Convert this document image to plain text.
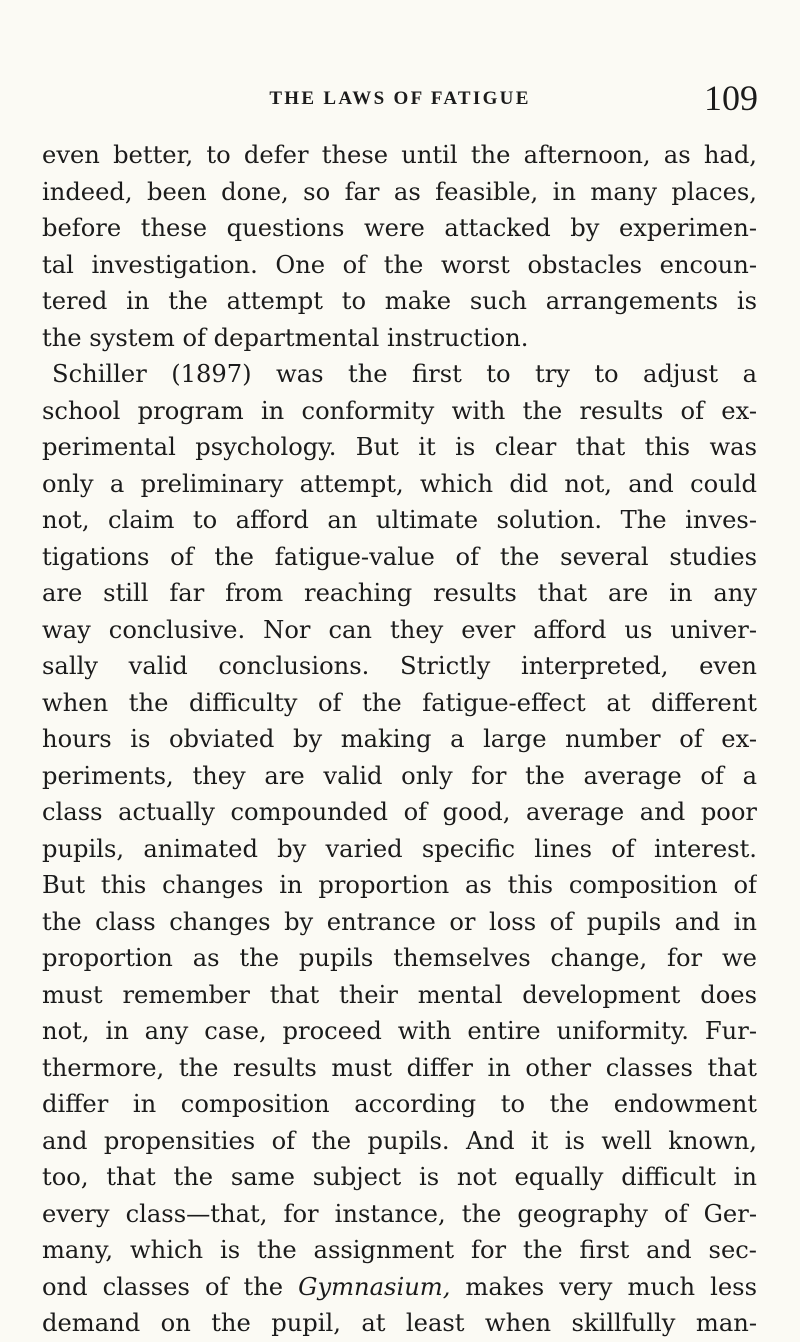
THE LAWS OF FATIGUE	109
even better, to defer these until the afternoon, as had,
indeed, been done, so far as feasible, in many places,
before these questions were attacked by experimen-
tal investigation. One of the worst obstacles encoun-
tered in the attempt to make such arrangements is
the system of departmental instruction.
Schiller (1897) was the first to try to adjust a
school program in conformity with the results of ex-
perimental psychology. But it is clear that this was
only a preliminary attempt, which did not, and could
not, claim to afford an ultimate solution. The inves-
tigations of the fatigue-value of the several studies
are still far from reaching results that are in any
way conclusive. Nor can they ever afford us univer-
sally valid conclusions. Strictly interpreted, even
when the difficulty of the fatigue-effect at different
hours is obviated by making a large number of ex-
periments, they are valid only for the average of a
class actually compounded of good, average and poor
pupils, animated by varied specific lines of interest.
But this changes in proportion as this composition of
the class changes by entrance or loss of pupils and in
proportion as the pupils themselves change, for we
must remember that their mental development does
not, in any case, proceed with entire uniformity. Fur-
thermore, the results must differ in other classes that
differ in composition according to the endowment
and propensities of the pupils. And it is well known,
too, that the same subject is not equally difficult in
every class—that, for instance, the geography of Ger-
many, which is the assignment for the first and sec-
ond classes of the Gymnasium, makes very much less
demand on the pupil, at least when skillfully man-
